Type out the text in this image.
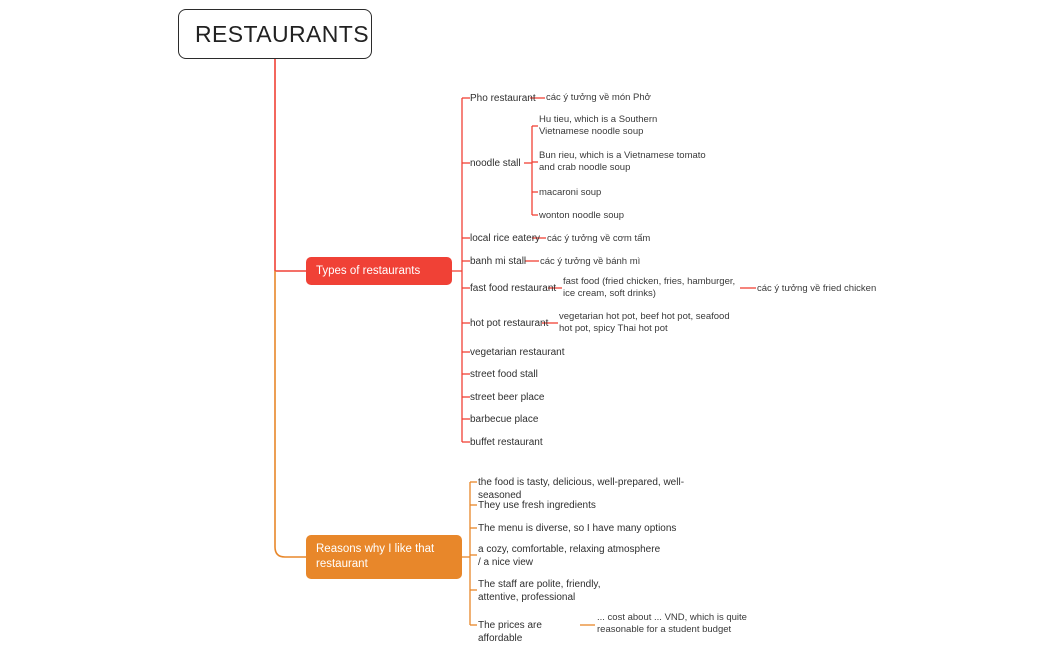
RESTAURANTS
Types of restaurants
Reasons why I like that restaurant
Pho restaurant	các ý tưởng về món Phở
noodle stall
Hu tieu, which is a Southern Vietnamese noodle soup
Bun rieu, which is a Vietnamese tomato and crab noodle soup
macaroni soup
wonton noodle soup
local rice eatery các ý tưởng về cơm tấm
banh mi stall	các ý tưởng về bánh mì
fast food restaurant
fast food (fried chicken, fries, hamburger, ice cream, soft drinks)	các ý tưởng về fried chicken
hot pot restaurant
vegetarian hot pot, beef hot pot, seafood hot pot, spicy Thai hot pot
vegetarian restaurant
street food stall
street beer place
barbecue place
buffet restaurant
the food is tasty, delicious, well-prepared, well-seasoned
They use fresh ingredients
The menu is diverse, so I have many options
a cozy, comfortable, relaxing atmosphere / a nice view
The staff are polite, friendly, attentive, professional
The prices are affordable
... cost about ... VND, which is quite reasonable for a student budget
